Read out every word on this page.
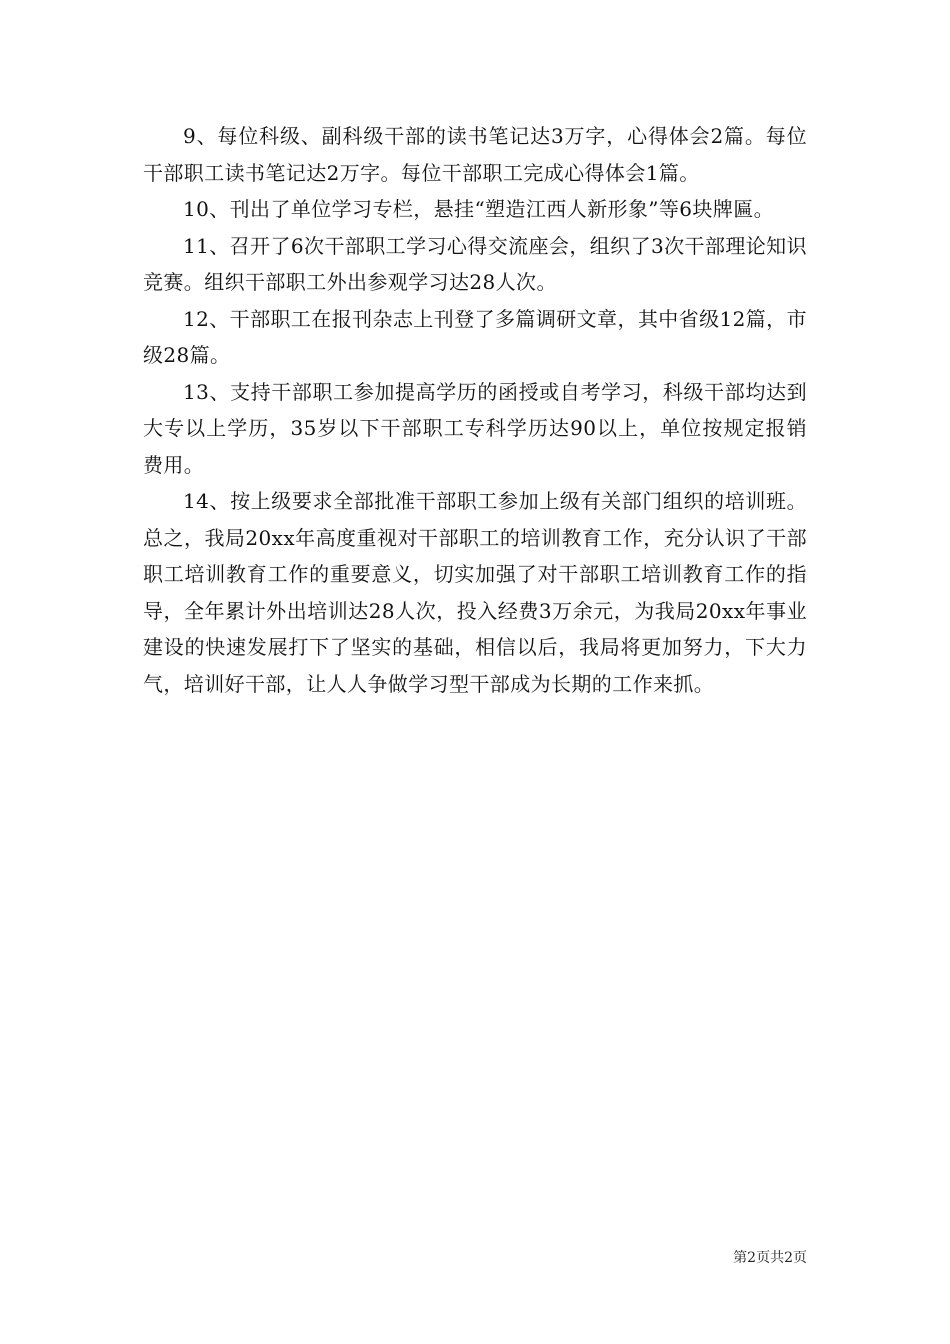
9、每位科级、副科级干部的读书笔记达3万字，心得体会2篇。每位干部职工读书笔记达2万字。每位干部职工完成心得体会1篇。

10、刊出了单位学习专栏，悬挂“塑造江西人新形象”等6块牌匾。

11、召开了6次干部职工学习心得交流座会，组织了3次干部理论知识竞赛。组织干部职工外出参观学习达28人次。

12、干部职工在报刊杂志上刊登了多篇调研文章，其中省级12篇，市级28篇。

13、支持干部职工参加提高学历的函授或自考学习，科级干部均达到大专以上学历，35岁以下干部职工专科学历达90以上，单位按规定报销费用。

14、按上级要求全部批准干部职工参加上级有关部门组织的培训班。总之，我局20xx年高度重视对干部职工的培训教育工作，充分认识了干部职工培训教育工作的重要意义，切实加强了对干部职工培训教育工作的指导，全年累计外出培训达28人次，投入经费3万余元，为我局20xx年事业建设的快速发展打下了坚实的基础，相信以后，我局将更加努力，下大力气，培训好干部，让人人争做学习型干部成为长期的工作来抓。

第2页共2页
